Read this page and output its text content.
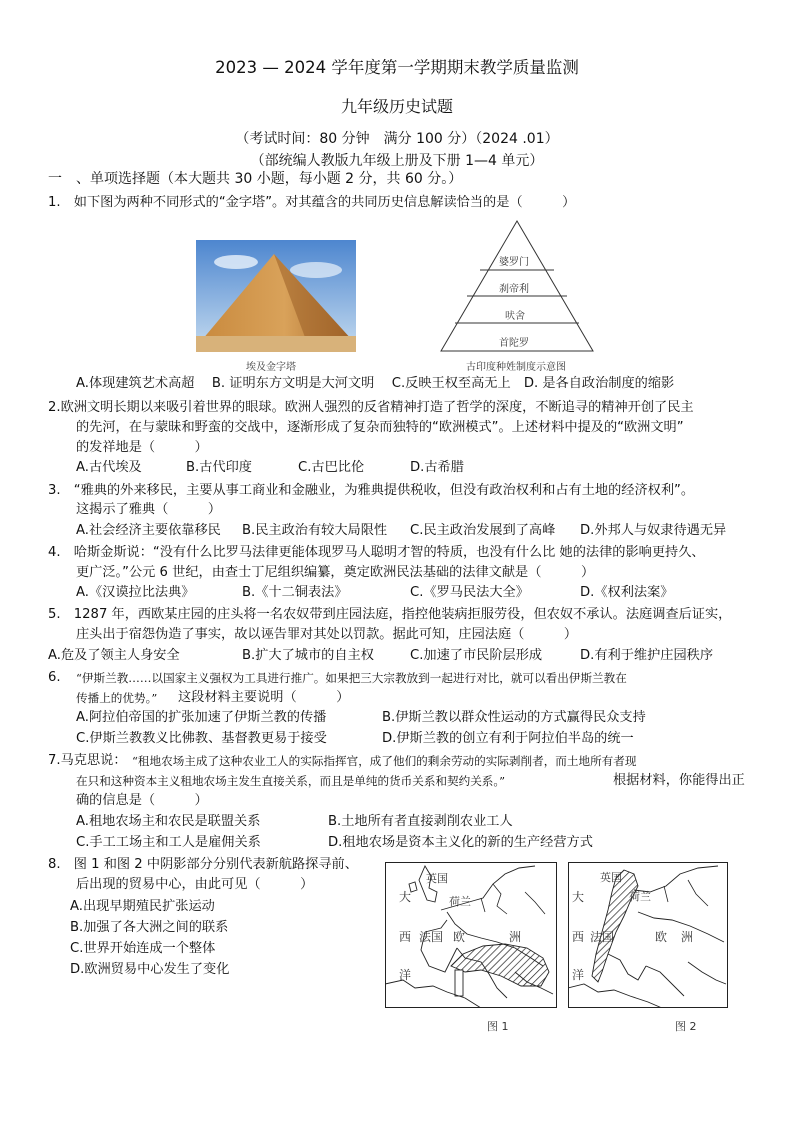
2023 — 2024 学年度第一学期期末教学质量监测
九年级历史试题
（考试时间：80 分钟　满分 100 分）（2024 .01）
（部统编人教版九年级上册及下册 1—4 单元）
一　、单项选择题（本大题共 30 小题，每小题 2 分，共 60 分。）
1.　如下图为两种不同形式的“金字塔”。对其蕴含的共同历史信息解读恰当的是（　　　）
埃及金字塔
婆罗门
刹帝利
吠舍
首陀罗
古印度种姓制度示意图
A.体现建筑艺术高超　 B. 证明东方文明是大河文明　 C.反映王权至高无上　D. 是各自政治制度的缩影
2.欧洲文明长期以来吸引着世界的眼球。欧洲人强烈的反省精神打造了哲学的深度，不断追寻的精神开创了民主
的先河，在与蒙昧和野蛮的交战中，逐渐形成了复杂而独特的“欧洲模式”。上述材料中提及的“欧洲文明”
的发祥地是（　　　）
A.古代埃及	B.古代印度	C.古巴比伦	D.古希腊
3.　“雅典的外来移民，主要从事工商业和金融业，为雅典提供税收，但没有政治权利和占有土地的经济权利”。
这揭示了雅典（　　　）
A.社会经济主要依靠移民 B.民主政治有较大局限性 C.民主政治发展到了高峰 D.外邦人与奴隶待遇无异
4.　哈斯金斯说：“没有什么比罗马法律更能体现罗马人聪明才智的特质，也没有什么比 她的法律的影响更持久、
更广泛。”公元 6 世纪，由查士丁尼组织编纂，奠定欧洲民法基础的法律文献是（　　　）
A.《汉谟拉比法典》	B.《十二铜表法》	C.《罗马民法大全》	D.《权利法案》
5.　1287 年，西欧某庄园的庄头将一名农奴带到庄园法庭，指控他装病拒服劳役，但农奴不承认。法庭调查后证实，
庄头出于宿怨伪造了事实，故以诬告罪对其处以罚款。据此可知，庄园法庭（　　　）
A.危及了领主人身安全	B.扩大了城市的自主权	C.加速了市民阶层形成	D.有利于维护庄园秩序
6. “伊斯兰教……以国家主义强权为工具进行推广。如果把三大宗教放到一起进行对比，就可以看出伊斯兰教在
传播上的优势。” 这段材料主要说明（　　　）
A.阿拉伯帝国的扩张加速了伊斯兰教的传播	B.伊斯兰教以群众性运动的方式赢得民众支持
C.伊斯兰教教义比佛教、基督教更易于接受	D.伊斯兰教的创立有利于阿拉伯半岛的统一
7.马克思说： “租地农场主成了这种农业工人的实际指挥官，成了他们的剩余劳动的实际剥削者，而土地所有者现
在只和这种资本主义租地农场主发生直接关系，而且是单纯的货币关系和契约关系。”	根据材料，你能得出正
确的信息是（　　　）
A.租地农场主和农民是联盟关系	B.土地所有者直接剥削农业工人
C.手工工场主和工人是雇佣关系	D.租地农场是资本主义化的新的生产经营方式
8.　图 1 和图 2 中阴影部分分别代表新航路探寻前、
后出现的贸易中心，由此可见（　　　）
A.出现早期殖民扩张运动
B.加强了各大洲之间的联系
C.世界开始连成一个整体
D.欧洲贸易中心发生了变化
英国
荷兰
大
西
洋
法国 欧	洲
图 1
英国
荷兰
大
西
洋
法国	欧洲
图 2
